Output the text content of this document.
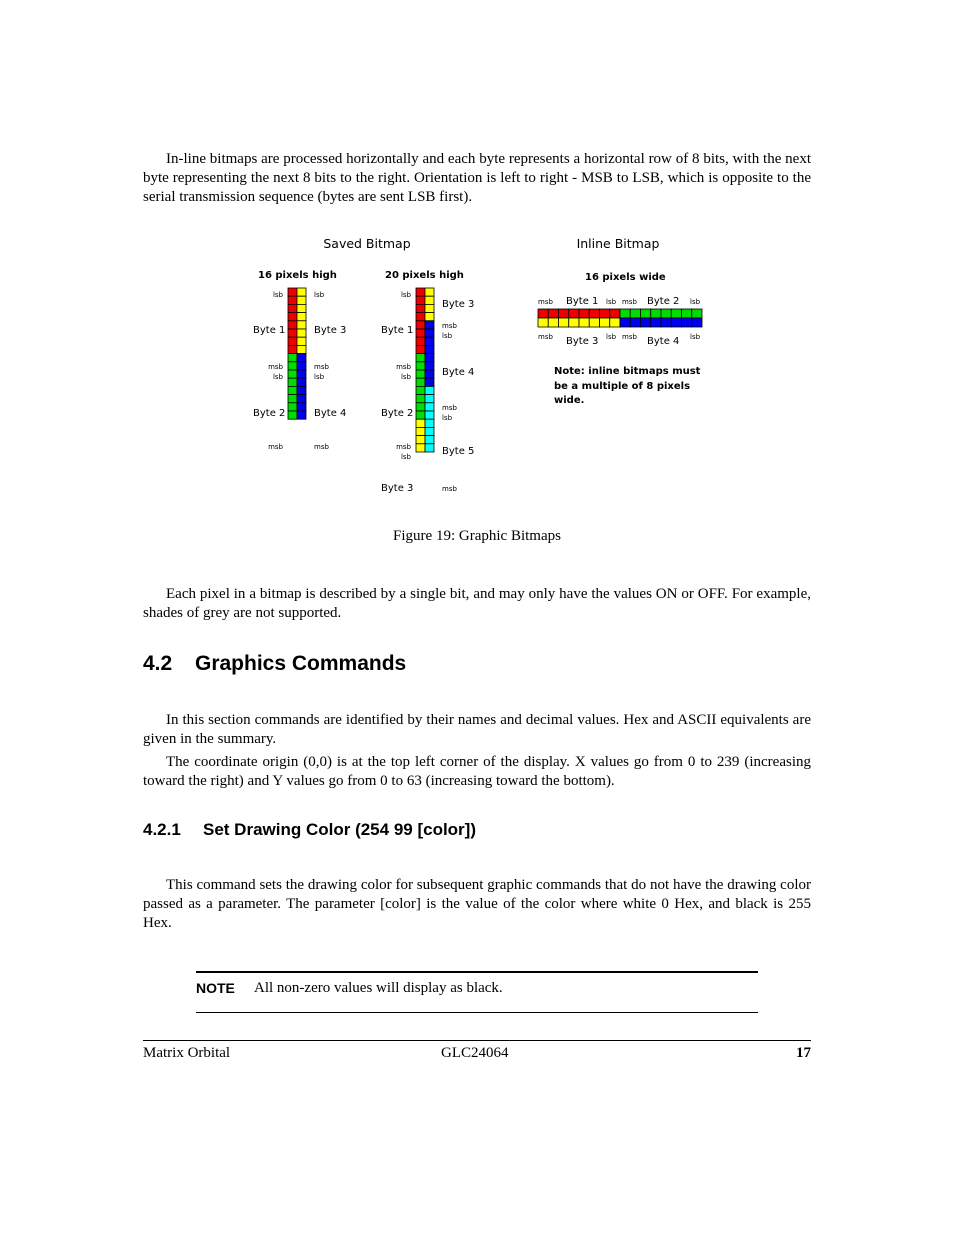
In-line bitmaps are processed horizontally and each byte represents a horizontal row of 8 bits, with the next byte representing the next 8 bits to the right. Orientation is left to right - MSB to LSB, which is opposite to the serial transmission sequence (bytes are sent LSB first).

Saved Bitmap	Inline Bitmap
16 pixels high	20 pixels high	16 pixels wide
lsb	lsb
Byte 1	Byte 3
msb	msb
lsb	lsb
Byte 2	Byte 4
msb	msb
lsb
Byte 3
Byte 1	msb
lsb
msb
lsb	Byte 4
msb
lsb
Byte 2
msb
lsb	Byte 5
Byte 3	msb
msb Byte 1 lsb msb Byte 2 lsb
msb Byte 3 lsb msb Byte 4 lsb
Note: inline bitmaps must
be a multiple of 8 pixels
wide.
Figure 19: Graphic Bitmaps

Each pixel in a bitmap is described by a single bit, and may only have the values ON or OFF. For example, shades of grey are not supported.

4.2 Graphics Commands

In this section commands are identified by their names and decimal values. Hex and ASCII equivalents are given in the summary.

The coordinate origin (0,0) is at the top left corner of the display. X values go from 0 to 239 (increasing toward the right) and Y values go from 0 to 63 (increasing toward the bottom).

4.2.1 Set Drawing Color (254 99 [color])

This command sets the drawing color for subsequent graphic commands that do not have the drawing color passed as a parameter. The parameter [color] is the value of the color where white 0 Hex, and black is 255 Hex.

NOTE All non-zero values will display as black.
Matrix Orbital	GLC24064	17
